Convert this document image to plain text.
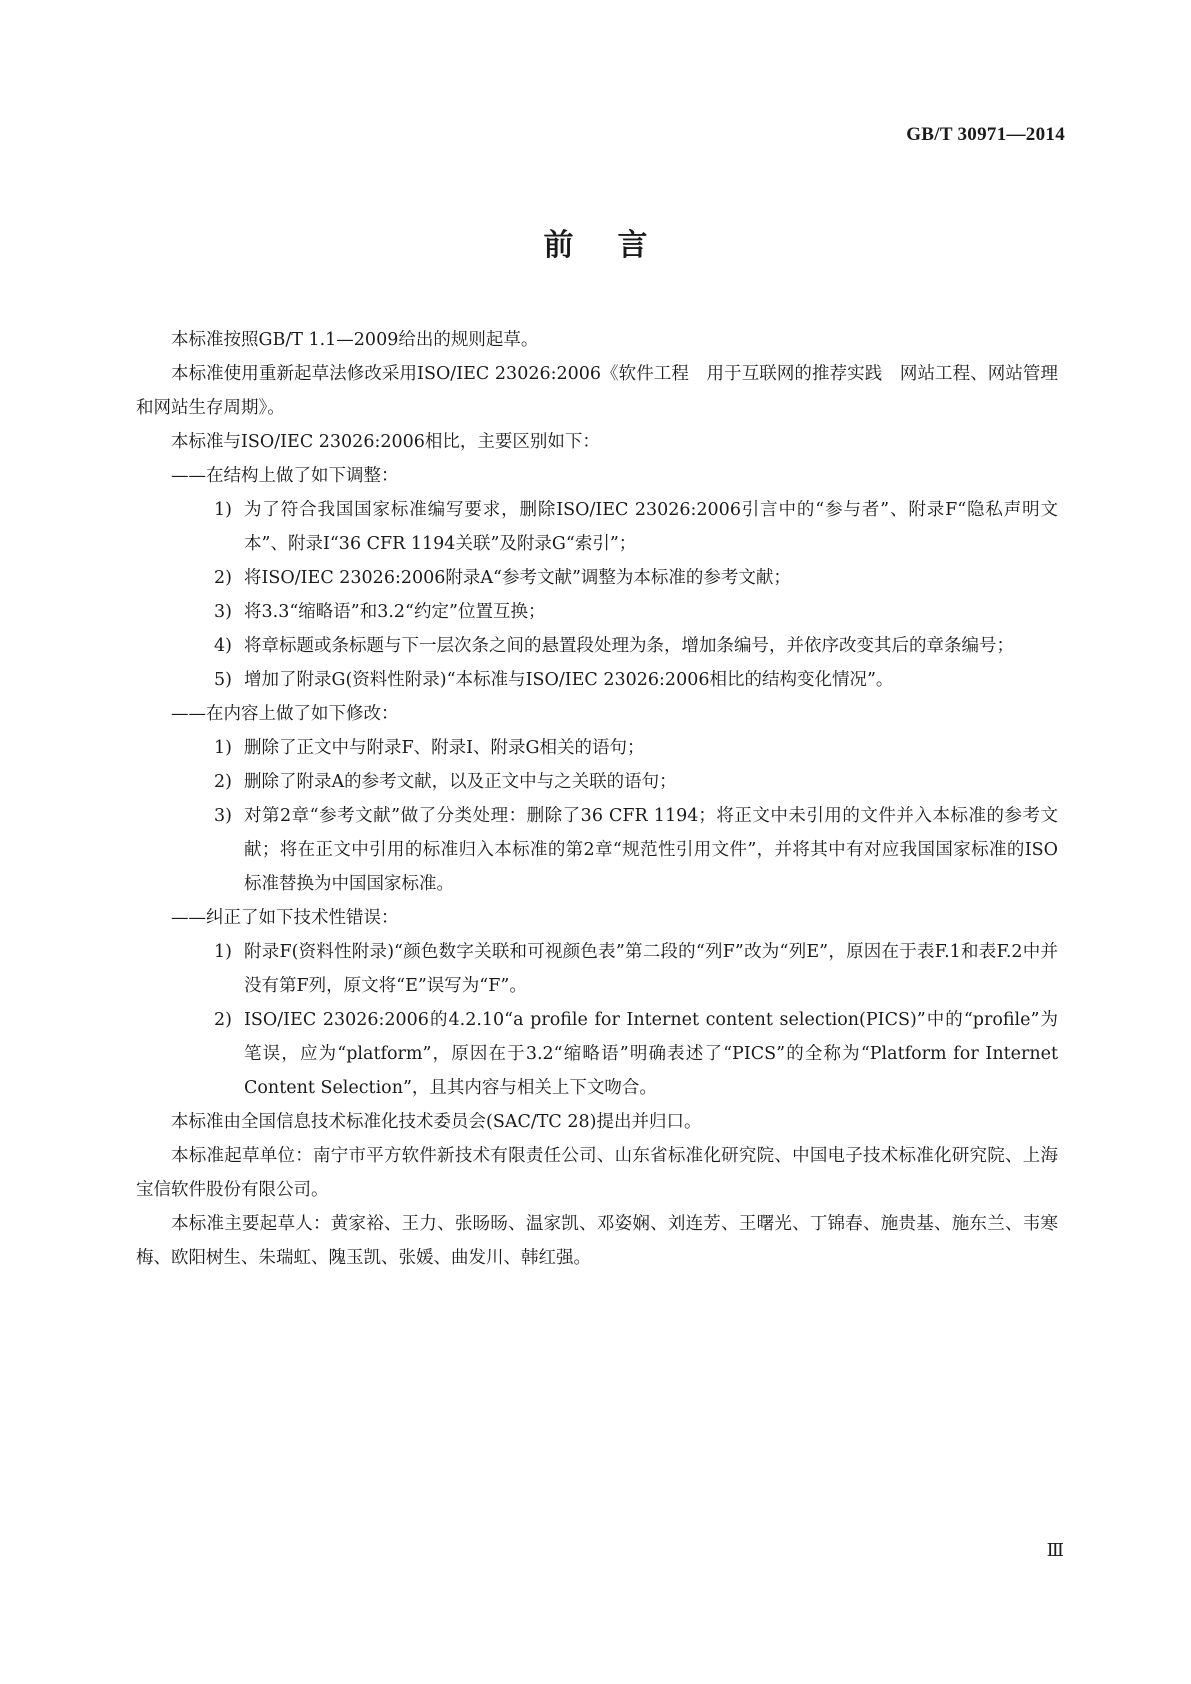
GB/T 30971—2014
前言
本标准按照GB/T 1.1—2009给出的规则起草。
本标准使用重新起草法修改采用ISO/IEC 23026:2006《软件工程　用于互联网的推荐实践　网站工程、网站管理和网站生存周期》。
本标准与ISO/IEC 23026:2006相比，主要区别如下：
——在结构上做了如下调整：
1) 为了符合我国国家标准编写要求，删除ISO/IEC 23026:2006引言中的“参与者”、附录F“隐私声明文本”、附录I“36 CFR 1194关联”及附录G“索引”；
2) 将ISO/IEC 23026:2006附录A“参考文献”调整为本标准的参考文献；
3) 将3.3“缩略语”和3.2“约定”位置互换；
4) 将章标题或条标题与下一层次条之间的悬置段处理为条，增加条编号，并依序改变其后的章条编号；
5) 增加了附录G(资料性附录)“本标准与ISO/IEC 23026:2006相比的结构变化情况”。
——在内容上做了如下修改：
1) 删除了正文中与附录F、附录I、附录G相关的语句；
2) 删除了附录A的参考文献，以及正文中与之关联的语句；
3) 对第2章“参考文献”做了分类处理：删除了36 CFR 1194；将正文中未引用的文件并入本标准的参考文献；将在正文中引用的标准归入本标准的第2章“规范性引用文件”，并将其中有对应我国国家标准的ISO标准替换为中国国家标准。
——纠正了如下技术性错误：
1) 附录F(资料性附录)“颜色数字关联和可视颜色表”第二段的“列F”改为“列E”，原因在于表F.1和表F.2中并没有第F列，原文将“E”误写为“F”。
2) ISO/IEC 23026:2006的4.2.10“a profile for Internet content selection(PICS)”中的“profile”为笔误，应为“platform”，原因在于3.2“缩略语”明确表述了“PICS”的全称为“Platform for Internet Content Selection”，且其内容与相关上下文吻合。
本标准由全国信息技术标准化技术委员会(SAC/TC 28)提出并归口。
本标准起草单位：南宁市平方软件新技术有限责任公司、山东省标准化研究院、中国电子技术标准化研究院、上海宝信软件股份有限公司。
本标准主要起草人：黄家裕、王力、张旸旸、温家凯、邓姿娴、刘连芳、王曙光、丁锦春、施贵基、施东兰、韦寒梅、欧阳树生、朱瑞虹、隗玉凯、张媛、曲发川、韩红强。
Ⅲ
